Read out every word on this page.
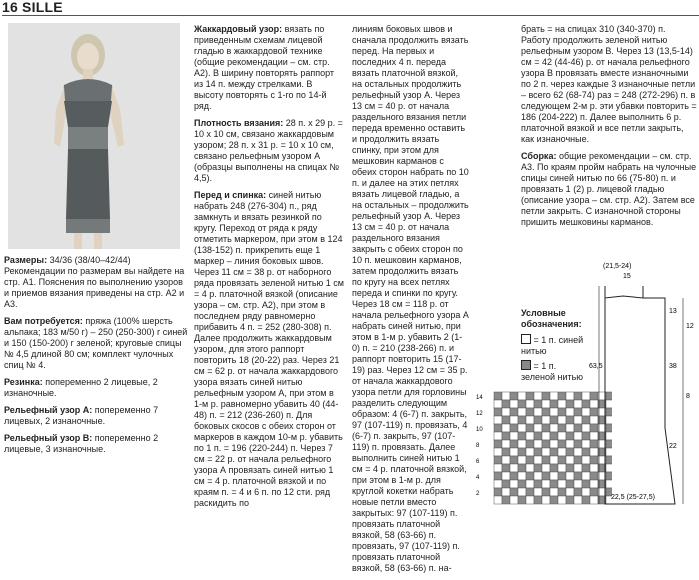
16 SILLE

Размеры: 34/36 (38/40–42/44)
Рекомендации по размерам вы найдете на стр. А1. Пояснения по выполнению узоров и приемов вязания приведены на стр. А2 и А3.

Вам потребуется: пряжа (100% шерсть альпака; 183 м/50 г) – 250 (250-300) г синей и 150 (150-200) г зеленой; круговые спицы № 4,5 длиной 80 см; комплект чулочных спиц № 4.

Резинка: попеременно 2 лицевые, 2 изнаночные.

Рельефный узор А: попеременно 7 лицевых, 2 изнаночные.

Рельефный узор В: попеременно 2 лицевые, 3 изнаночные.

Жаккардовый узор: вязать по приведенным схемам лицевой гладью в жаккардовой технике (общие рекомендации – см. стр. А2). В ширину повторять раппорт из 14 п. между стрелками. В высоту повторять с 1-го по 14-й ряд.

Плотность вязания: 28 п. x 29 р. = 10 x 10 см, связано жаккардовым узором; 28 п. x 31 р. = 10 x 10 см, связано рельефным узором А (образцы выполнены на спицах № 4,5).

Перед и спинка: синей нитью набрать 248 (276-304) п., ряд замкнуть и вязать резинкой по кругу. Переход от ряда к ряду отметить маркером, при этом в 124 (138-152) п. прикрепить еще 1 маркер – линия боковых швов. Через 11 см = 38 р. от наборного ряда провязать зеленой нитью 1 см = 4 р. платочной вязкой (описание узора – см. стр. А2), при этом в последнем ряду равномерно прибавить 4 п. = 252 (280-308) п. Далее продолжить жаккардовым узором, для этого раппорт повторить 18 (20-22) раз. Через 21 см = 62 р. от начала жаккардового узора вязать синей нитью рельефным узором А, при этом в 1-м р. равномерно убавить 40 (44-48) п. = 212 (236-260) п. Для боковых скосов с обеих сторон от маркеров в каждом 10-м р. убавить по 1 п. = 196 (220-244) п. Через 7 см = 22 р. от начала рельефного узора А провязать синей нитью 1 см = 4 р. платочной вязкой и по краям п. = 4 и 6 п. по 12 сти. ряд раскидить по

линиям боковых швов и сначала продолжить вязать перед. На первых и последних 4 п. переда вязать платочной вязкой, на остальных продолжить рельефный узор А. Через 13 см = 40 р. от начала раздельного вязания петли переда временно оставить и продолжить вязать спинку, при этом для мешковин карманов с обеих сторон набрать по 10 п. и далее на этих петлях вязать лицевой гладью, а на остальных – продолжить рельефный узор А. Через 13 см = 40 р. от начала раздельного вязания закрыть с обеих сторон по 10 п. мешковин карманов, затем продолжить вязать по кругу на всех петлях переда и спинки по кругу. Через 18 см = 118 р. от начала рельефного узора А набрать синей нитью, при этом в 1-м р. убавить 2 (1-0) п. = 210 (238-266) п. и раппорт повторить 15 (17-19) раз. Через 12 см = 35 р. от начала жаккардового узора петли для горловины разделить следующим образом: 4 (6-7) п. закрыть, 97 (107-119) п. провязать, 4 (6-7) п. закрыть, 97 (107-119) п. провязать. Далее выполнить синей нитью 1 см = 4 р. платочной вязкой, при этом в 1-м р. для круглой кокетки набрать новые петли вместо закрытых: 97 (107-119) п. провязать платочной вязкой, 58 (63-66) п. провязать, 97 (107-119) п. провязать платочной вязкой, 58 (63-66) п. на-

брать = на спицах 310 (340-370) п. Работу продолжить зеленой нитью рельефным узором В. Через 13 (13,5-14) см = 42 (44-46) р. от начала рельефного узора В провязать вместе изнаночными по 2 п. через каждые 3 изнаночные петли – всего 62 (68-74) раз = 248 (272-296) п. в следующем 2-м р. эти убавки повторить = 186 (204-222) п. Далее выполнить 6 р. платочной вязкой и все петли закрыть, как изнаночные.

Сборка: общие рекомендации – см. стр. А3. По краям пройм набрать на чулочные спицы синей нитью по 66 (75-80) п. и провязать 1 (2) р. лицевой гладью (описание узора – см. стр. А2). Затем все петли закрыть. С изнаночной стороны пришить мешковины карманов.

Условные обозначения:
= 1 п. синей нитью
= 1 п. зеленой нитью
14
12
10
8
6
4
2
(21,5-24)
15
13
38
63,5
22
22,5 (25-27,5)
12
8
